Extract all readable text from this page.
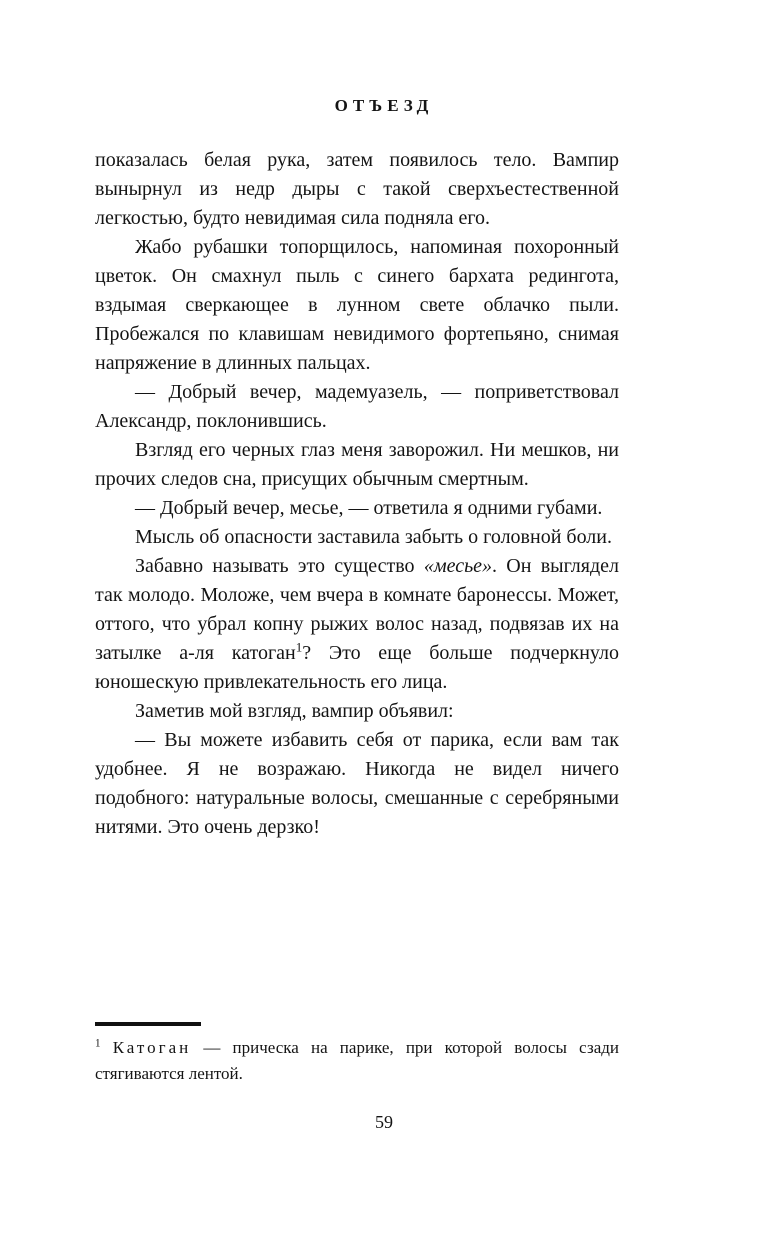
ОТЪЕЗД

показалась белая рука, затем появилось тело. Вампир вынырнул из недр дыры с такой сверхъестественной легкостью, будто невидимая сила подняла его.

Жабо рубашки топорщилось, напоминая похоронный цветок. Он смахнул пыль с синего бархата редингота, вздымая сверкающее в лунном свете облачко пыли. Пробежался по клавишам невидимого фортепьяно, снимая напряжение в длинных пальцах.

— Добрый вечер, мадемуазель, — поприветствовал Александр, поклонившись.

Взгляд его черных глаз меня заворожил. Ни мешков, ни прочих следов сна, присущих обычным смертным.

— Добрый вечер, месье, — ответила я одними губами.

Мысль об опасности заставила забыть о головной боли.

Забавно называть это существо «месье». Он выглядел так молодо. Моложе, чем вчера в комнате баронессы. Может, оттого, что убрал копну рыжих волос назад, подвязав их на затылке а-ля катоган$^1$? Это еще больше подчеркнуло юношескую привлекательность его лица.

Заметив мой взгляд, вампир объявил:

— Вы можете избавить себя от парика, если вам так удобнее. Я не возражаю. Никогда не видел ничего подобного: натуральные волосы, смешанные с серебряными нитями. Это очень дерзко!

$^1$ Катоган — прическа на парике, при которой волосы сзади стягиваются лентой.

59
